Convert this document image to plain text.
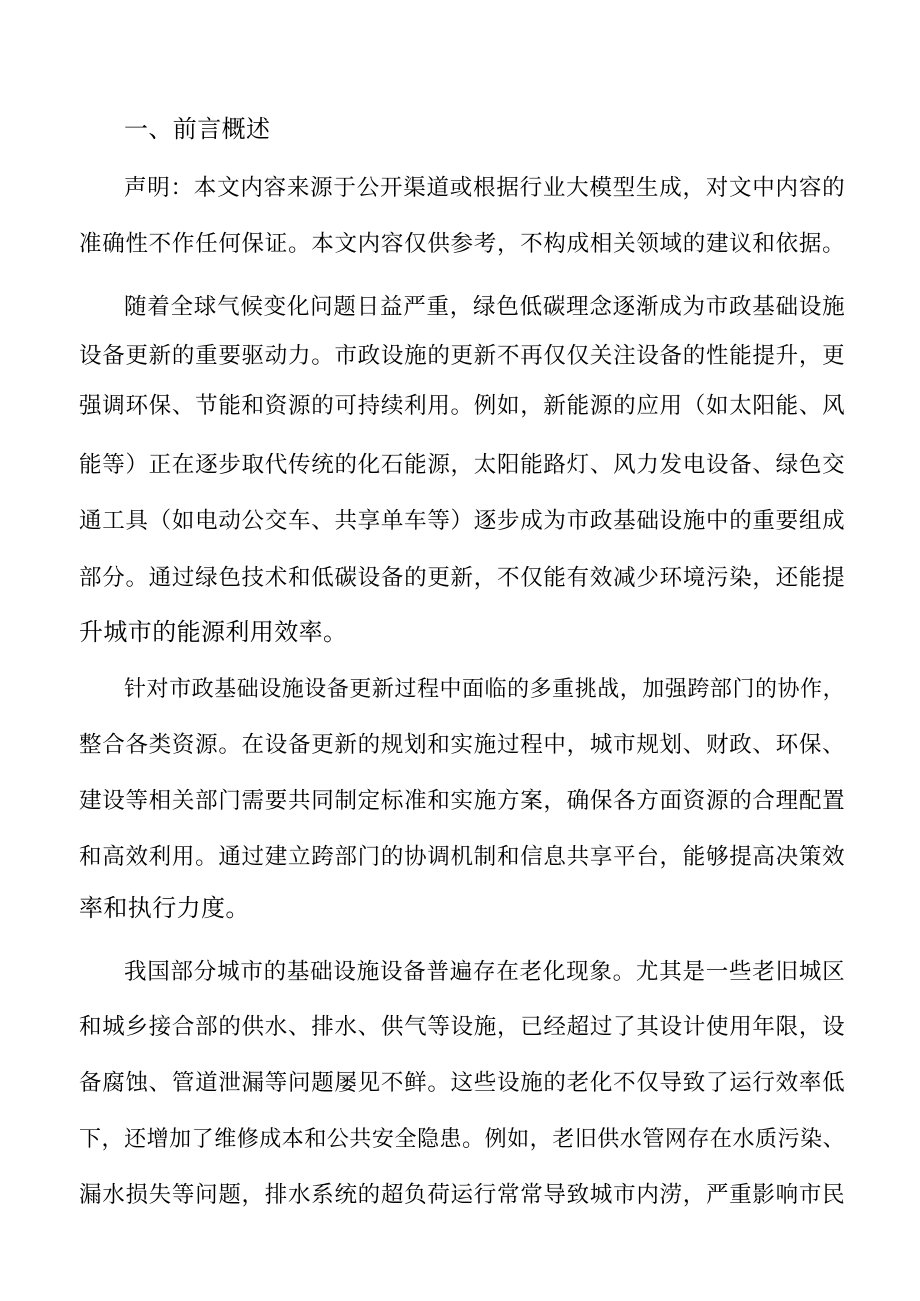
一、前言概述
声明：本文内容来源于公开渠道或根据行业大模型生成，对文中内容的
准确性不作任何保证。本文内容仅供参考，不构成相关领域的建议和依据。
随着全球气候变化问题日益严重，绿色低碳理念逐渐成为市政基础设施
设备更新的重要驱动力。市政设施的更新不再仅仅关注设备的性能提升，更
强调环保、节能和资源的可持续利用。例如，新能源的应用（如太阳能、风
能等）正在逐步取代传统的化石能源，太阳能路灯、风力发电设备、绿色交
通工具（如电动公交车、共享单车等）逐步成为市政基础设施中的重要组成
部分。通过绿色技术和低碳设备的更新，不仅能有效减少环境污染，还能提
升城市的能源利用效率。
针对市政基础设施设备更新过程中面临的多重挑战，加强跨部门的协作，
整合各类资源。在设备更新的规划和实施过程中，城市规划、财政、环保、
建设等相关部门需要共同制定标准和实施方案，确保各方面资源的合理配置
和高效利用。通过建立跨部门的协调机制和信息共享平台，能够提高决策效
率和执行力度。
我国部分城市的基础设施设备普遍存在老化现象。尤其是一些老旧城区
和城乡接合部的供水、排水、供气等设施，已经超过了其设计使用年限，设
备腐蚀、管道泄漏等问题屡见不鲜。这些设施的老化不仅导致了运行效率低
下，还增加了维修成本和公共安全隐患。例如，老旧供水管网存在水质污染、
漏水损失等问题，排水系统的超负荷运行常常导致城市内涝，严重影响市民
